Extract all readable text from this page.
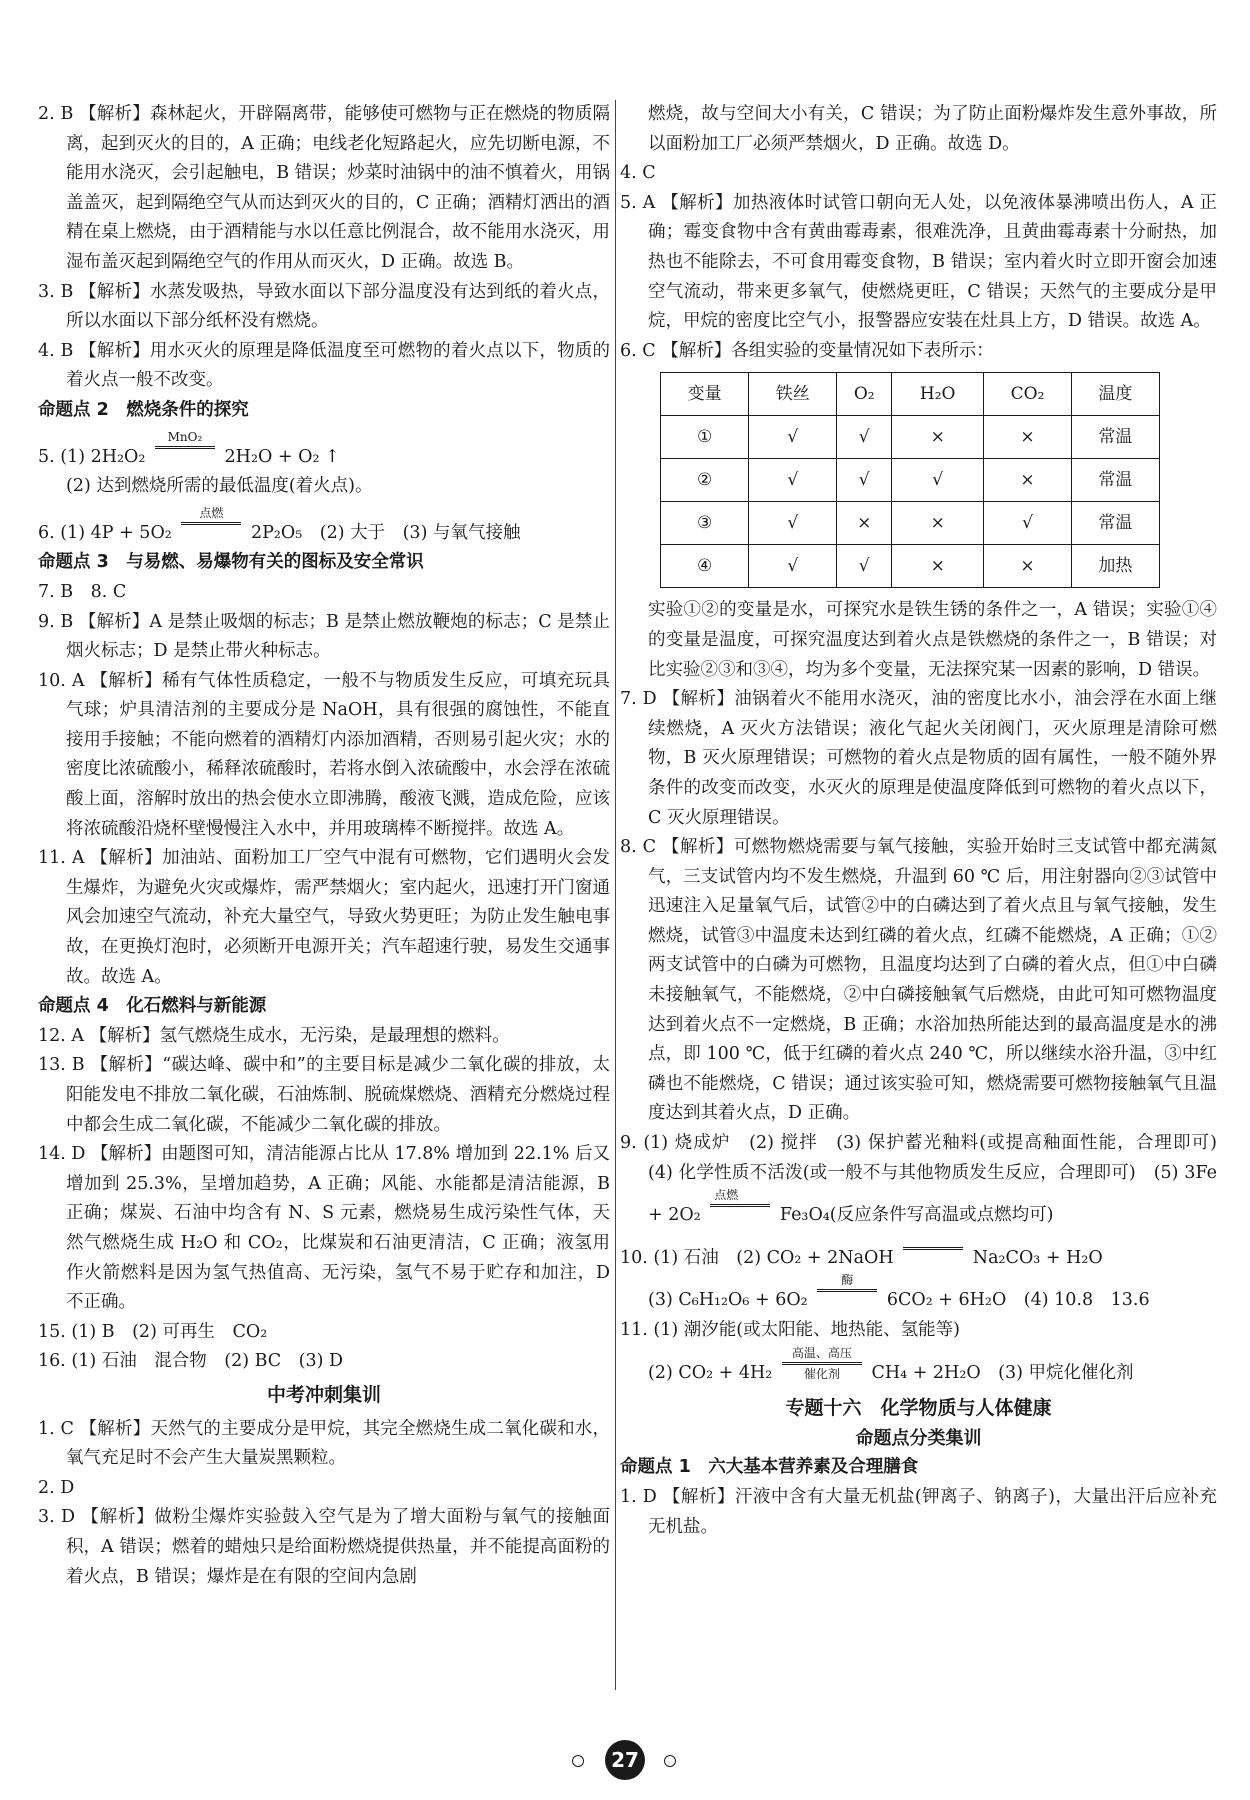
2. B 【解析】森林起火，开辟隔离带，能够使可燃物与正在燃烧的物质隔离，起到灭火的目的，A 正确；电线老化短路起火，应先切断电源，不能用水浇灭，会引起触电，B 错误；炒菜时油锅中的油不慎着火，用锅盖盖灭，起到隔绝空气从而达到灭火的目的，C 正确；酒精灯洒出的酒精在桌上燃烧，由于酒精能与水以任意比例混合，故不能用水浇灭，用湿布盖灭起到隔绝空气的作用从而灭火，D 正确。故选 B。

3. B 【解析】水蒸发吸热，导致水面以下部分温度没有达到纸的着火点，所以水面以下部分纸杯没有燃烧。

4. B 【解析】用水灭火的原理是降低温度至可燃物的着火点以下，物质的着火点一般不改变。

命题点 2　燃烧条件的探究

5. (1) 2H₂O₂
MnO₂

2H₂O + O₂ ↑

(2) 达到燃烧所需的最低温度(着火点)。

6. (1) 4P + 5O₂
点燃

2P₂O₅　(2) 大于　(3) 与氧气接触

命题点 3　与易燃、易爆物有关的图标及安全常识

7. B　8. C

9. B 【解析】A 是禁止吸烟的标志；B 是禁止燃放鞭炮的标志；C 是禁止烟火标志；D 是禁止带火种标志。

10. A 【解析】稀有气体性质稳定，一般不与物质发生反应，可填充玩具气球；炉具清洁剂的主要成分是 NaOH，具有很强的腐蚀性，不能直接用手接触；不能向燃着的酒精灯内添加酒精，否则易引起火灾；水的密度比浓硫酸小，稀释浓硫酸时，若将水倒入浓硫酸中，水会浮在浓硫酸上面，溶解时放出的热会使水立即沸腾，酸液飞溅，造成危险，应该将浓硫酸沿烧杯壁慢慢注入水中，并用玻璃棒不断搅拌。故选 A。

11. A 【解析】加油站、面粉加工厂空气中混有可燃物，它们遇明火会发生爆炸，为避免火灾或爆炸，需严禁烟火；室内起火，迅速打开门窗通风会加速空气流动，补充大量空气，导致火势更旺；为防止发生触电事故，在更换灯泡时，必须断开电源开关；汽车超速行驶，易发生交通事故。故选 A。

命题点 4　化石燃料与新能源

12. A 【解析】氢气燃烧生成水，无污染，是最理想的燃料。

13. B 【解析】“碳达峰、碳中和”的主要目标是减少二氧化碳的排放，太阳能发电不排放二氧化碳，石油炼制、脱硫煤燃烧、酒精充分燃烧过程中都会生成二氧化碳，不能减少二氧化碳的排放。

14. D 【解析】由题图可知，清洁能源占比从 17.8% 增加到 22.1% 后又增加到 25.3%，呈增加趋势，A 正确；风能、水能都是清洁能源，B 正确；煤炭、石油中均含有 N、S 元素，燃烧易生成污染性气体，天然气燃烧生成 H₂O 和 CO₂，比煤炭和石油更清洁，C 正确；液氢用作火箭燃料是因为氢气热值高、无污染，氢气不易于贮存和加注，D 不正确。

15. (1) B　(2) 可再生　CO₂

16. (1) 石油　混合物　(2) BC　(3) D

中考冲刺集训

1. C 【解析】天然气的主要成分是甲烷，其完全燃烧生成二氧化碳和水，氧气充足时不会产生大量炭黑颗粒。

2. D

3. D 【解析】做粉尘爆炸实验鼓入空气是为了增大面粉与氧气的接触面积，A 错误；燃着的蜡烛只是给面粉燃烧提供热量，并不能提高面粉的着火点，B 错误；爆炸是在有限的空间内急剧

燃烧，故与空间大小有关，C 错误；为了防止面粉爆炸发生意外事故，所以面粉加工厂必须严禁烟火，D 正确。故选 D。

4. C

5. A 【解析】加热液体时试管口朝向无人处，以免液体暴沸喷出伤人，A 正确；霉变食物中含有黄曲霉毒素，很难洗净，且黄曲霉毒素十分耐热，加热也不能除去，不可食用霉变食物，B 错误；室内着火时立即开窗会加速空气流动，带来更多氧气，使燃烧更旺，C 错误；天然气的主要成分是甲烷，甲烷的密度比空气小，报警器应安装在灶具上方，D 错误。故选 A。

6. C 【解析】各组实验的变量情况如下表所示：

变量	铁丝	O₂	H₂O	CO₂	温度
①	√	√	×	×	常温
②	√	√	√	×	常温
③	√	×	×	√	常温
④	√	√	×	×	加热

实验①②的变量是水，可探究水是铁生锈的条件之一，A 错误；实验①④的变量是温度，可探究温度达到着火点是铁燃烧的条件之一，B 错误；对比实验②③和③④，均为多个变量，无法探究某一因素的影响，D 错误。

7. D 【解析】油锅着火不能用水浇灭，油的密度比水小，油会浮在水面上继续燃烧，A 灭火方法错误；液化气起火关闭阀门，灭火原理是清除可燃物，B 灭火原理错误；可燃物的着火点是物质的固有属性，一般不随外界条件的改变而改变，水灭火的原理是使温度降低到可燃物的着火点以下，C 灭火原理错误。

8. C 【解析】可燃物燃烧需要与氧气接触，实验开始时三支试管中都充满氮气，三支试管内均不发生燃烧，升温到 60 ℃ 后，用注射器向②③试管中迅速注入足量氧气后，试管②中的白磷达到了着火点且与氧气接触，发生燃烧，试管③中温度未达到红磷的着火点，红磷不能燃烧，A 正确；①②两支试管中的白磷为可燃物，且温度均达到了白磷的着火点，但①中白磷未接触氧气，不能燃烧，②中白磷接触氧气后燃烧，由此可知可燃物温度达到着火点不一定燃烧，B 正确；水浴加热所能达到的最高温度是水的沸点，即 100 ℃，低于红磷的着火点 240 ℃，所以继续水浴升温，③中红磷也不能燃烧，C 错误；通过该实验可知，燃烧需要可燃物接触氧气且温度达到其着火点，D 正确。

9. (1) 烧成炉　(2) 搅拌　(3) 保护蓄光釉料(或提高釉面性能，合理即可)　(4) 化学性质不活泼(或一般不与其他物质发生反应，合理即可)　(5) 3Fe + 2O₂
点燃

Fe₃O₄(反应条件写高温或点燃均可)

10. (1) 石油　(2) CO₂ + 2NaOH

	Na₂CO₃ + H₂O

(3) C₆H₁₂O₆ + 6O₂
酶

6CO₂ + 6H₂O　(4) 10.8　13.6

11. (1) 潮汐能(或太阳能、地热能、氢能等)

(2) CO₂ + 4H₂
高温、高压
催化剂	CH₄ + 2H₂O　(3) 甲烷化催化剂

专题十六　化学物质与人体健康

命题点分类集训

命题点 1　六大基本营养素及合理膳食

1. D 【解析】汗液中含有大量无机盐(钾离子、钠离子)，大量出汗后应补充无机盐。

27
